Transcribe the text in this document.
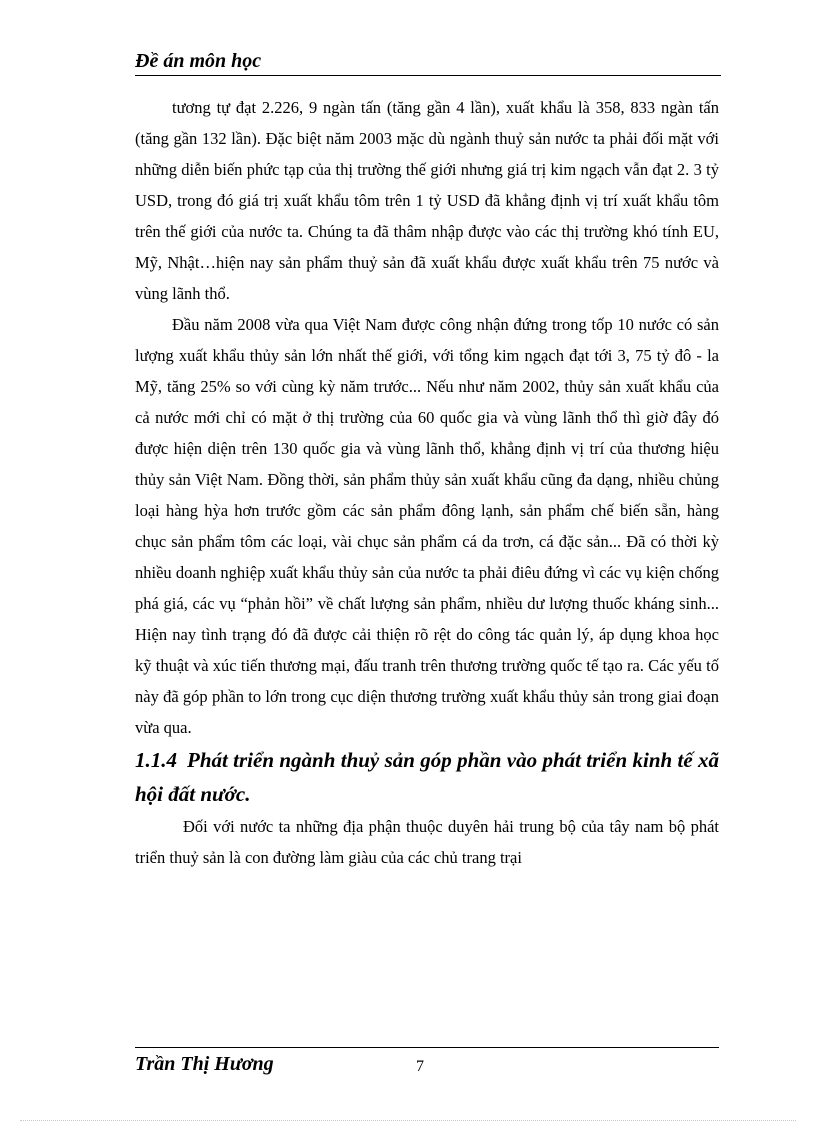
Đề án môn học

tương tự đạt 2.226, 9 ngàn tấn (tăng gần 4 lần), xuất khẩu là 358, 833 ngàn tấn (tăng gần 132 lần). Đặc biệt năm 2003 mặc dù ngành thuỷ sản nước ta phải đối mặt với những diễn biến phức tạp của thị trường thế giới nhưng giá trị kim ngạch vẫn đạt 2. 3 tỷ USD, trong đó giá trị xuất khẩu tôm trên 1 tỷ USD đã khẳng định vị trí xuất khẩu tôm trên thế giới của nước ta. Chúng ta đã thâm nhập được vào các thị trường khó tính EU, Mỹ, Nhật…hiện nay sản phẩm thuỷ sản đã xuất khẩu được xuất khẩu trên 75 nước và vùng lãnh thổ.

Đầu năm 2008 vừa qua Việt Nam được công nhận đứng trong tốp 10 nước có sản lượng xuất khẩu thủy sản lớn nhất thế giới, với tổng kim ngạch đạt tới 3, 75 tỷ đô - la Mỹ, tăng 25% so với cùng kỳ năm trước... Nếu như năm 2002, thủy sản xuất khẩu của cả nước mới chỉ có mặt ở thị trường của 60 quốc gia và vùng lãnh thổ thì giờ đây đó được hiện diện trên 130 quốc gia và vùng lãnh thổ, khẳng định vị trí của thương hiệu thủy sản Việt Nam. Đồng thời, sản phẩm thủy sản xuất khẩu cũng đa dạng, nhiều chủng loại hàng hỳa hơn trước gồm các sản phẩm đông lạnh, sản phẩm chế biến sẵn, hàng chục sản phẩm tôm các loại, vài chục sản phẩm cá da trơn, cá đặc sản... Đã có thời kỳ nhiều doanh nghiệp xuất khẩu thủy sản của nước ta phải điêu đứng vì các vụ kiện chống phá giá, các vụ “phản hồi” về chất lượng sản phẩm, nhiều dư lượng thuốc kháng sinh... Hiện nay tình trạng đó đã được cải thiện rõ rệt do công tác quản lý, áp dụng khoa học kỹ thuật và xúc tiến thương mại, đấu tranh trên thương trường quốc tế tạo ra. Các yếu tố này đã góp phần to lớn trong cục diện thương trường xuất khẩu thủy sản trong giai đoạn vừa qua.

1.1.4 Phát triển ngành thuỷ sản góp phần vào phát triển kinh tế xã hội đất nước.

Đối với nước ta những địa phận thuộc duyên hải trung bộ của tây nam bộ phát triển thuỷ sản là con đường làm giàu của các chủ trang trại

Trần Thị Hương	7
